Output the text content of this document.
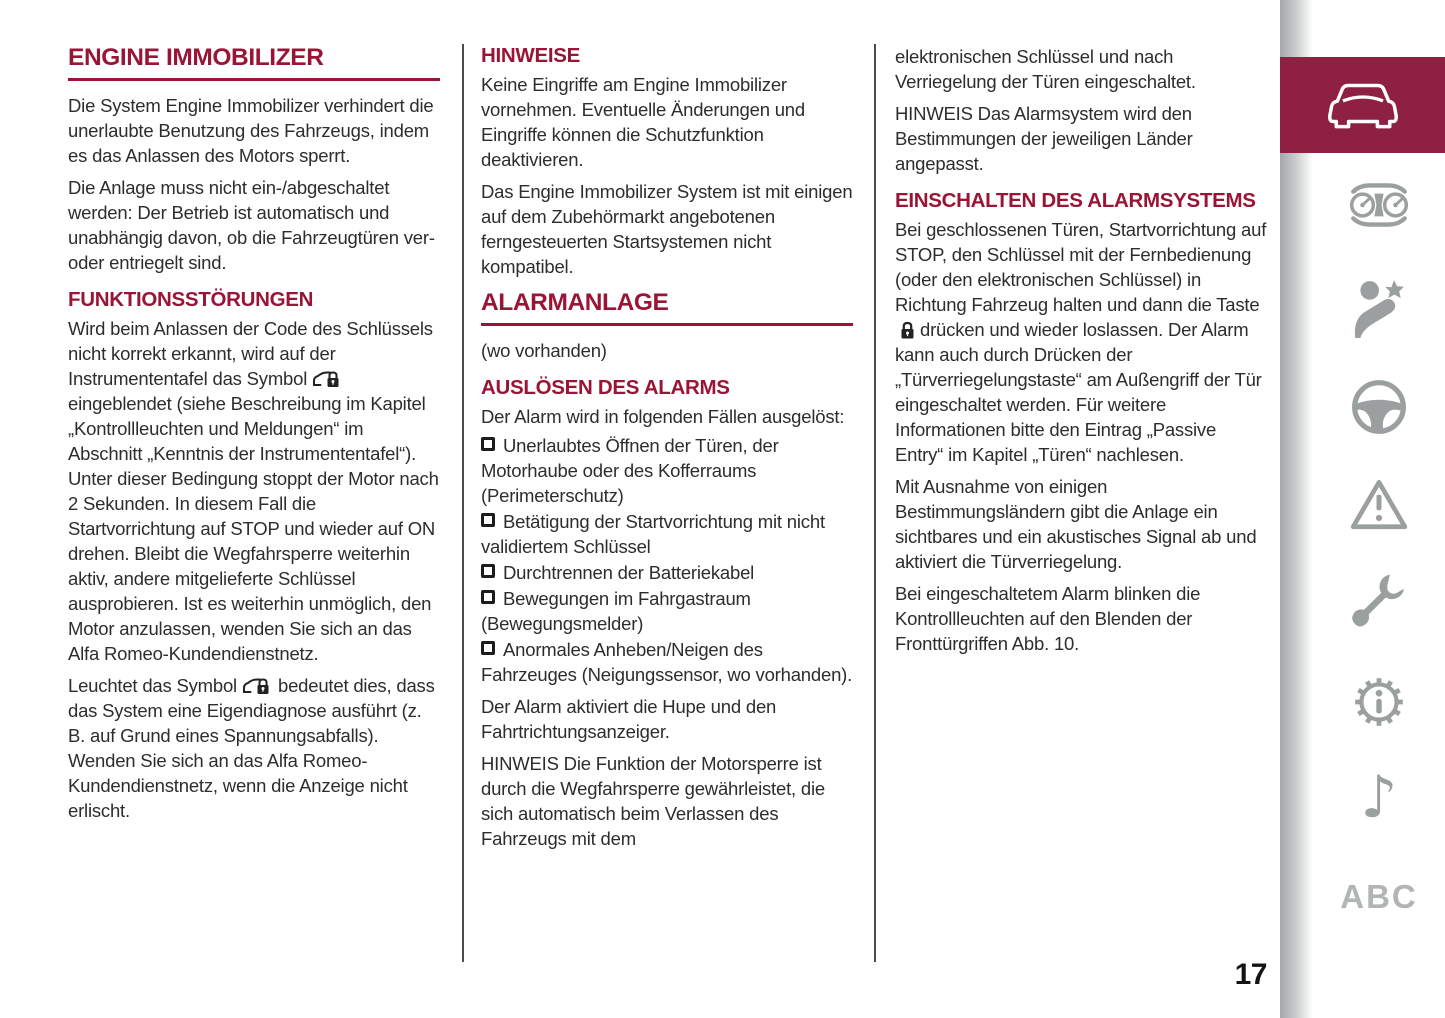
ENGINE IMMOBILIZER

Die System Engine Immobilizer verhindert die unerlaubte Benutzung des Fahrzeugs, indem es das Anlassen des Motors sperrt.

Die Anlage muss nicht ein-/abgeschaltet werden: Der Betrieb ist automatisch und unabhängig davon, ob die Fahrzeugtüren ver- oder entriegelt sind.

FUNKTIONSSTÖRUNGEN

Wird beim Anlassen der Code des Schlüssels nicht korrekt erkannt, wird auf der Instrumententafel das Symboleingeblendet (siehe Beschreibung im Kapitel „Kontrollleuchten und Meldungen“ im Abschnitt „Kenntnis der Instrumententafel“). Unter dieser Bedingung stoppt der Motor nach 2 Sekunden. In diesem Fall die Startvorrichtung auf STOP und wieder auf ON drehen. Bleibt die Wegfahrsperre weiterhin aktiv, andere mitgelieferte Schlüssel ausprobieren. Ist es weiterhin unmöglich, den Motor anzulassen, wenden Sie sich an das Alfa Romeo-Kundendienstnetz.

Leuchtet das Symbol bedeutet dies, dass das System eine Eigendiagnose ausführt (z. B. auf Grund eines Spannungsabfalls). Wenden Sie sich an das Alfa Romeo-Kundendienstnetz, wenn die Anzeige nicht erlischt.

HINWEISE

Keine Eingriffe am Engine Immobilizer vornehmen. Eventuelle Änderungen und Eingriffe können die Schutzfunktion deaktivieren.

Das Engine Immobilizer System ist mit einigen auf dem Zubehörmarkt angebotenen ferngesteuerten Startsystemen nicht kompatibel.

ALARMANLAGE

(wo vorhanden)

AUSLÖSEN DES ALARMS

Der Alarm wird in folgenden Fällen ausgelöst:

Unerlaubtes Öffnen der Türen, der Motorhaube oder des Kofferraums (Perimeterschutz)

Betätigung der Startvorrichtung mit nicht validiertem Schlüssel

Durchtrennen der Batteriekabel

Bewegungen im Fahrgastraum (Bewegungsmelder)

Anormales Anheben/Neigen des Fahrzeuges (Neigungssensor, wo vorhanden).

Der Alarm aktiviert die Hupe und den Fahrtrichtungsanzeiger.

HINWEIS Die Funktion der Motorsperre ist durch die Wegfahrsperre gewährleistet, die sich automatisch beim Verlassen des Fahrzeugs mit dem

elektronischen Schlüssel und nach Verriegelung der Türen eingeschaltet.

HINWEIS Das Alarmsystem wird den Bestimmungen der jeweiligen Länder angepasst.

EINSCHALTEN DES ALARMSYSTEMS

Bei geschlossenen Türen, Startvorrichtung auf STOP, den Schlüssel mit der Fernbedienung (oder den elektronischen Schlüssel) in Richtung Fahrzeug halten und dann die Tastedrücken und wieder loslassen. Der Alarm kann auch durch Drücken der „Türverriegelungstaste“ am Außengriff der Tür eingeschaltet werden. Für weitere Informationen bitte den Eintrag „Passive Entry“ im Kapitel „Türen“ nachlesen.

Mit Ausnahme von einigen Bestimmungsländern gibt die Anlage ein sichtbares und ein akustisches Signal ab und aktiviert die Türverriegelung.

Bei eingeschaltetem Alarm blinken die Kontrollleuchten auf den Blenden der Fronttürgriffen Abb. 10.

♪
ABC
17
